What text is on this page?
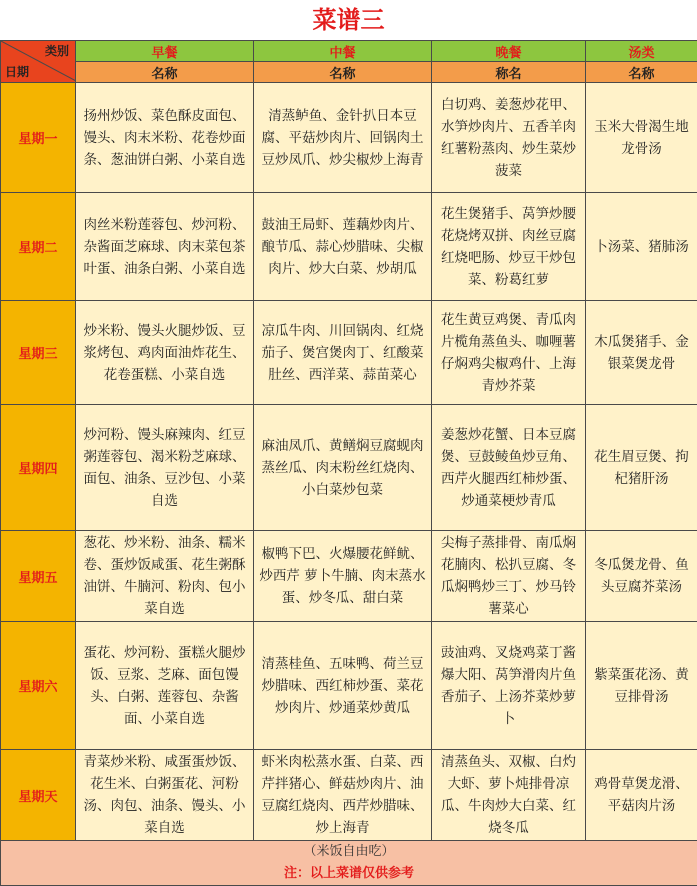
菜谱三
类别
日期	早餐	中餐	晚餐	汤类
	名称	名称	称名	名称
星期一	扬州炒饭、菜色酥皮面包、馒头、肉末米粉、花卷炒面条、葱油饼白粥、小菜自选	清蒸鲈鱼、金针扒日本豆腐、平菇炒肉片、回锅肉土豆炒凤爪、炒尖椒炒上海青	白切鸡、姜葱炒花甲、水笋炒肉片、五香羊肉红薯粉蒸肉、炒生菜炒菠菜	玉米大骨渴生地龙骨汤
星期二	肉丝米粉莲蓉包、炒河粉、杂酱面芝麻球、肉末菜包茶叶蛋、油条白粥、小菜自选	鼓油王局虾、莲藕炒肉片、酿节瓜、蒜心炒腊味、尖椒肉片、炒大白菜、炒胡瓜	花生煲猪手、莴笋炒腰花烧烤双拼、肉丝豆腐红烧吧肠、炒豆干炒包菜、粉葛红萝	卜汤菜、猪肺汤
星期三	炒米粉、馒头火腿炒饭、豆浆烤包、鸡肉面油炸花生、花卷蛋糕、小菜自选	凉瓜牛肉、川回锅肉、红烧茄子、煲宫煲肉丁、红酸菜肚丝、西洋菜、蒜苗菜心	花生黄豆鸡煲、青瓜肉片榄角蒸鱼头、咖喱薯仔焖鸡尖椒鸡什、上海青炒芥菜	木瓜煲猪手、金银菜煲龙骨
星期四	炒河粉、馒头麻辣肉、红豆粥莲蓉包、渴米粉芝麻球、面包、油条、豆沙包、小菜自选	麻油凤爪、黄鳝焖豆腐蚬肉蒸丝瓜、肉末粉丝红烧肉、小白菜炒包菜	姜葱炒花蟹、日本豆腐煲、豆鼓鲮鱼炒豆角、西芹火腿西红柿炒蛋、炒通菜梗炒青瓜	花生眉豆煲、拘杞猪肝汤
星期五	葱花、炒米粉、油条、糯米卷、蛋炒饭咸蛋、花生粥酥油饼、牛腩河、粉肉、包小菜自选	椒鸭下巴、火爆腰花鲜鱿、炒西芹 萝卜牛腩、肉末蒸水蛋、炒冬瓜、甜白菜	尖梅子蒸排骨、南瓜焖花腩肉、松扒豆腐、冬瓜焖鸭炒三丁、炒马铃薯菜心	冬瓜煲龙骨、鱼头豆腐芥菜汤
星期六	蛋花、炒河粉、蛋糕火腿炒饭、豆浆、芝麻、面包馒头、白粥、莲蓉包、杂酱面、小菜自选	清蒸桂鱼、五味鸭、荷兰豆炒腊味、西红柿炒蛋、菜花炒肉片、炒通菜炒黄瓜	豉油鸡、叉烧鸡菜丁酱爆大阳、莴笋滑肉片鱼香茄子、上汤芥菜炒萝卜	紫菜蛋花汤、黄豆排骨汤
星期天	青菜炒米粉、咸蛋蛋炒饭、花生米、白粥蛋花、河粉汤、肉包、油条、馒头、小菜自选	虾米肉松蒸水蛋、白菜、西芹拌猪心、鲜菇炒肉片、油豆腐红烧肉、西芹炒腊味、炒上海青	清蒸鱼头、双椒、白灼大虾、萝卜炖排骨凉瓜、牛肉炒大白菜、红烧冬瓜	鸡骨草煲龙滑、平菇肉片汤

（米饭自由吃）
注：以上菜谱仅供参考				
